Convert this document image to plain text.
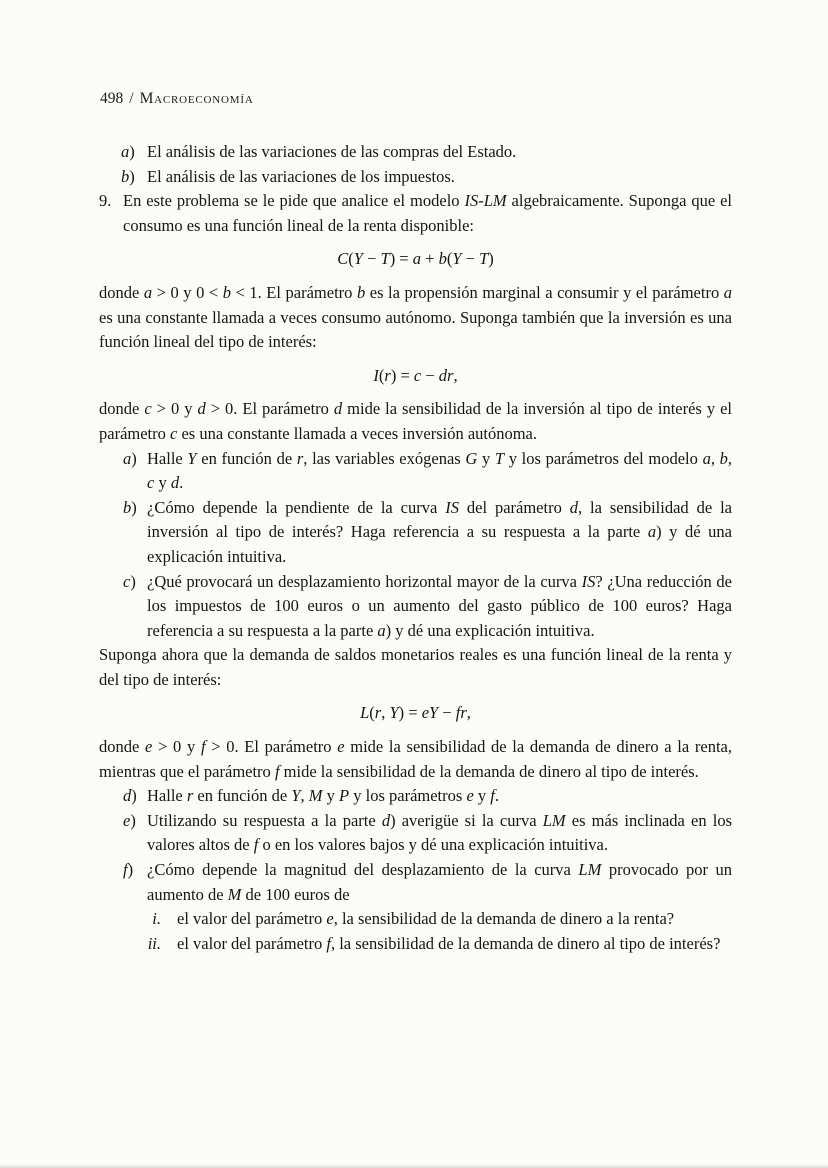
498 / Macroeconomía
a) El análisis de las variaciones de las compras del Estado.
b) El análisis de las variaciones de los impuestos.
9. En este problema se le pide que analice el modelo IS-LM algebraicamente. Suponga que el consumo es una función lineal de la renta disponible:
C(Y − T) = a + b(Y − T)

donde a > 0 y 0 < b < 1. El parámetro b es la propensión marginal a consumir y el parámetro a es una constante llamada a veces consumo autónomo. Suponga también que la inversión es una función lineal del tipo de interés:

I(r) = c − dr,

donde c > 0 y d > 0. El parámetro d mide la sensibilidad de la inversión al tipo de interés y el parámetro c es una constante llamada a veces inversión autónoma.

a) Halle Y en función de r, las variables exógenas G y T y los parámetros del modelo a, b, c y d.
b) ¿Cómo depende la pendiente de la curva IS del parámetro d, la sensibilidad de la inversión al tipo de interés? Haga referencia a su respuesta a la parte a) y dé una explicación intuitiva.
c) ¿Qué provocará un desplazamiento horizontal mayor de la curva IS? ¿Una reducción de los impuestos de 100 euros o un aumento del gasto público de 100 euros? Haga referencia a su respuesta a la parte a) y dé una explicación intuitiva.

Suponga ahora que la demanda de saldos monetarios reales es una función lineal de la renta y del tipo de interés:

L(r, Y) = eY − fr,

donde e > 0 y f > 0. El parámetro e mide la sensibilidad de la demanda de dinero a la renta, mientras que el parámetro f mide la sensibilidad de la demanda de dinero al tipo de interés.

d) Halle r en función de Y, M y P y los parámetros e y f.
e) Utilizando su respuesta a la parte d) averigüe si la curva LM es más inclinada en los valores altos de f o en los valores bajos y dé una explicación intuitiva.
f) ¿Cómo depende la magnitud del desplazamiento de la curva LM provocado por un aumento de M de 100 euros de
i. el valor del parámetro e, la sensibilidad de la demanda de dinero a la renta?
ii. el valor del parámetro f, la sensibilidad de la demanda de dinero al tipo de interés?
